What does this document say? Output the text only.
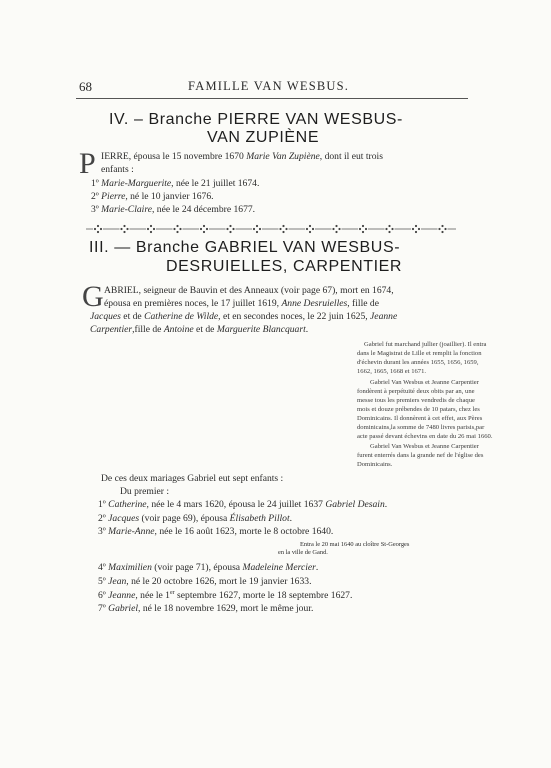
68	FAMILLE VAN WESBUS.
IV. – Branche PIERRE VAN WESBUS-
VAN ZUPIÈNE
P IERRE, épousa le 15 novembre 1670 Marie Van Zupiène, dont il eut trois
enfants :
1º Marie-Marguerite, née le 21 juillet 1674.
2º Pierre, né le 10 janvier 1676.
3º Marie-Claire, née le 24 décembre 1677.
III. — Branche GABRIEL VAN WESBUS-
DESRUIELLES, CARPENTIER
G ABRIEL, seigneur de Bauvin et des Anneaux (voir page 67), mort en 1674,
épousa en premières noces, le 17 juillet 1619, Anne Desruielles, fille de
Jacques et de Catherine de Wilde, et en secondes noces, le 22 juin 1625, Jeanne
Carpentier,fille de Antoine et de Marguerite Blancquart.
Gabriel fut marchand jullier (joaillier). Il entra
dans le Magistrat de Lille et remplit la fonction
d'échevin durant les années 1655, 1656, 1659,
1662, 1665, 1668 et 1671.
Gabriel Van Wesbus et Jeanne Carpentier
fondèrent à perpétuité deux obits par an, une
messe tous les premiers vendredis de chaque
mois et douze prébendes de 10 patars, chez les
Dominicains. Il donnèrent à cet effet, aux Pères
dominicains,la somme de 7480 livres parisis,par
acte passé devant échevins en date du 26 mai 1660.
Gabriel Van Wesbus et Jeanne Carpentier
furent enterrés dans la grande nef de l'église des
Dominicains.
De ces deux mariages Gabriel eut sept enfants :
Du premier :
1º Catherine, née le 4 mars 1620, épousa le 24 juillet 1637 Gabriel Desain.
2º Jacques (voir page 69), épousa Élisabeth Pillot.
3º Marie-Anne, née le 16 août 1623, morte le 8 octobre 1640.
Entra le 20 mai 1640 au cloître St-Georges
en la ville de Gand.
4º Maximilien (voir page 71), épousa Madeleine Mercier.
5º Jean, né le 20 octobre 1626, mort le 19 janvier 1633.
6º Jeanne, née le 1er septembre 1627, morte le 18 septembre 1627.
7º Gabriel, né le 18 novembre 1629, mort le même jour.
